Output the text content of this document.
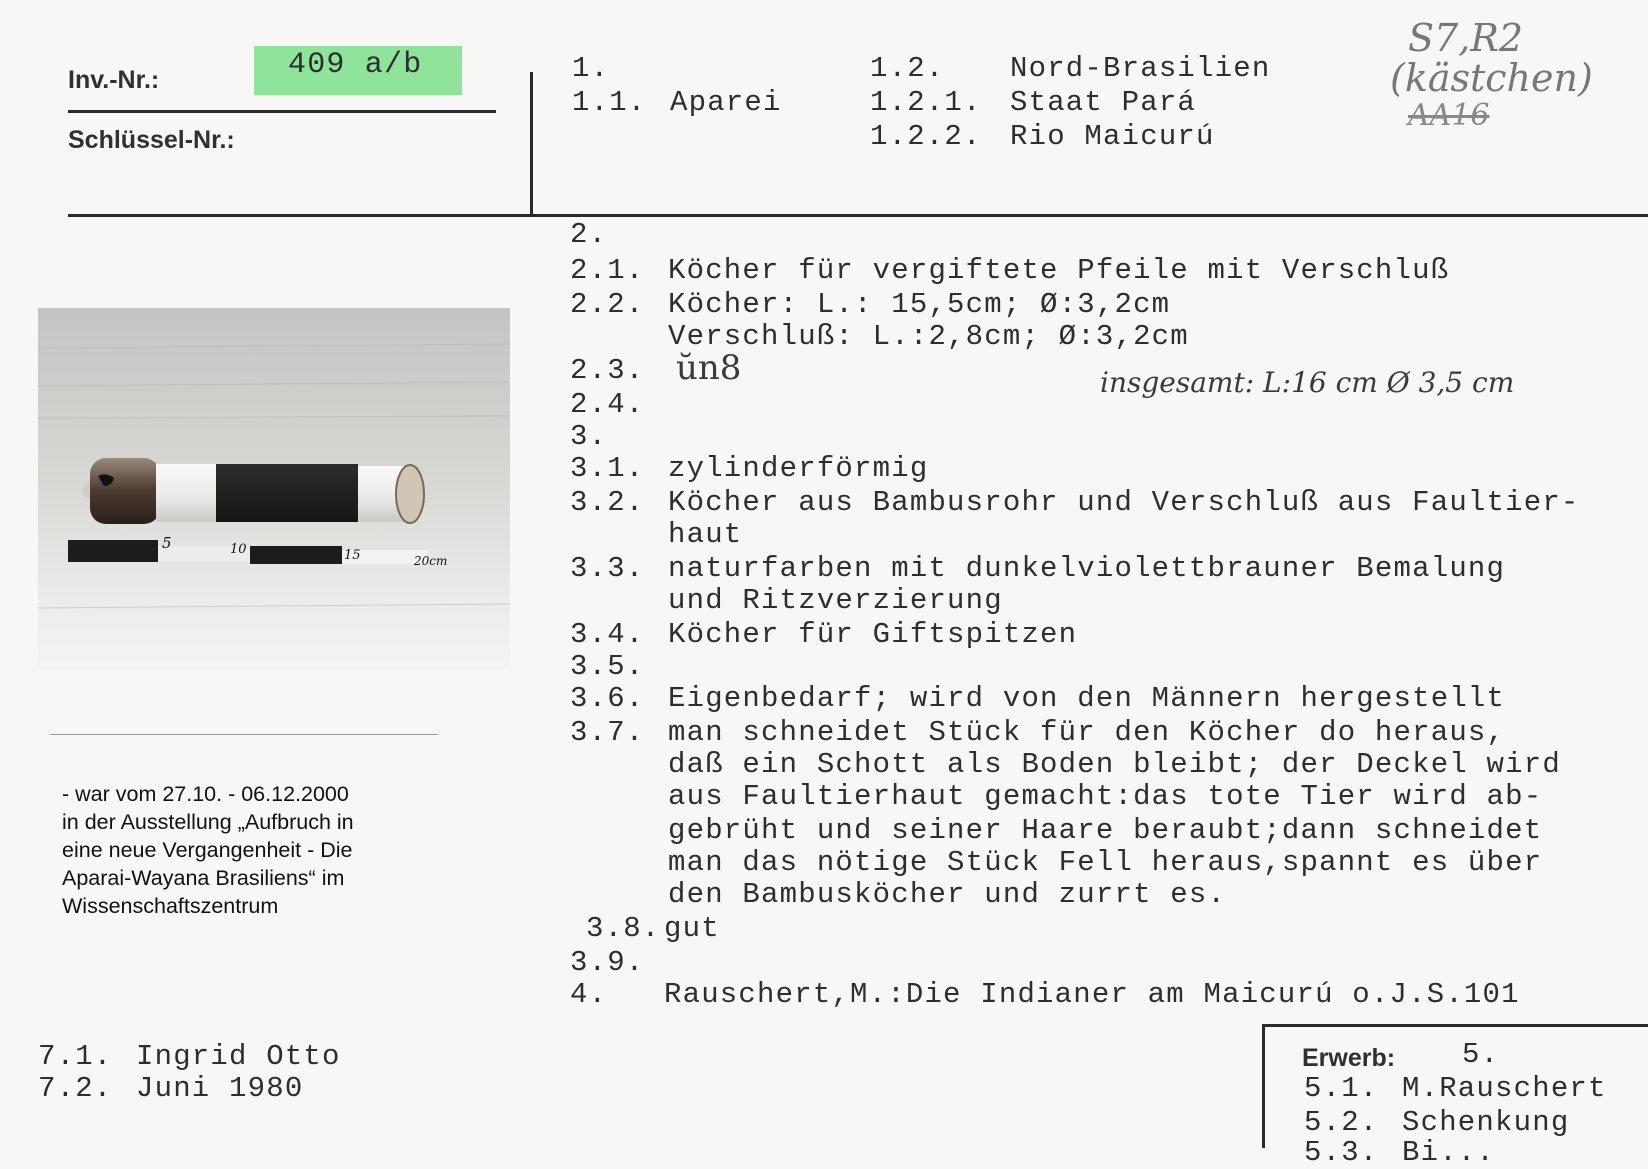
Inv.-Nr.:	409 a/b
Schlüssel-Nr.:
S7,R2
(kästchen)
AA16
1.
1.1. Aparei
1.2. Nord-Brasilien
1.2.1. Staat Pará
1.2.2. Rio Maicurú
2.
2.1. Köcher für vergiftete Pfeile mit Verschluß
2.2. Köcher: L.: 15,5cm; Ø:3,2cm
Verschluß: L.:2,8cm; Ø:3,2cm
2.3. ŭn8	insgesamt: L:16 cm Ø 3,5 cm
2.4.
3.
3.1. zylinderförmig
3.2. Köcher aus Bambusrohr und Verschluß aus Faultier-
haut
3.3. naturfarben mit dunkelviolettbrauner Bemalung
und Ritzverzierung
3.4. Köcher für Giftspitzen
3.5.
3.6. Eigenbedarf; wird von den Männern hergestellt
3.7. man schneidet Stück für den Köcher do heraus,
daß ein Schott als Boden bleibt; der Deckel wird
aus Faultierhaut gemacht:das tote Tier wird ab-
gebrüht und seiner Haare beraubt;dann schneidet
man das nötige Stück Fell heraus,spannt es über
den Bambusköcher und zurrt es.
3.8. gut
3.9.
4. Rauschert,M.:Die Indianer am Maicurú o.J.S.101
5	10	15	20cm
- war vom 27.10. - 06.12.2000
in der Ausstellung „Aufbruch in
eine neue Vergangenheit - Die
Aparai-Wayana Brasiliens“ im
Wissenschaftszentrum
7.1. Ingrid Otto
7.2. Juni 1980
Erwerb: 5.
5.1. M.Rauschert
5.2. Schenkung
5.3. Bi...
